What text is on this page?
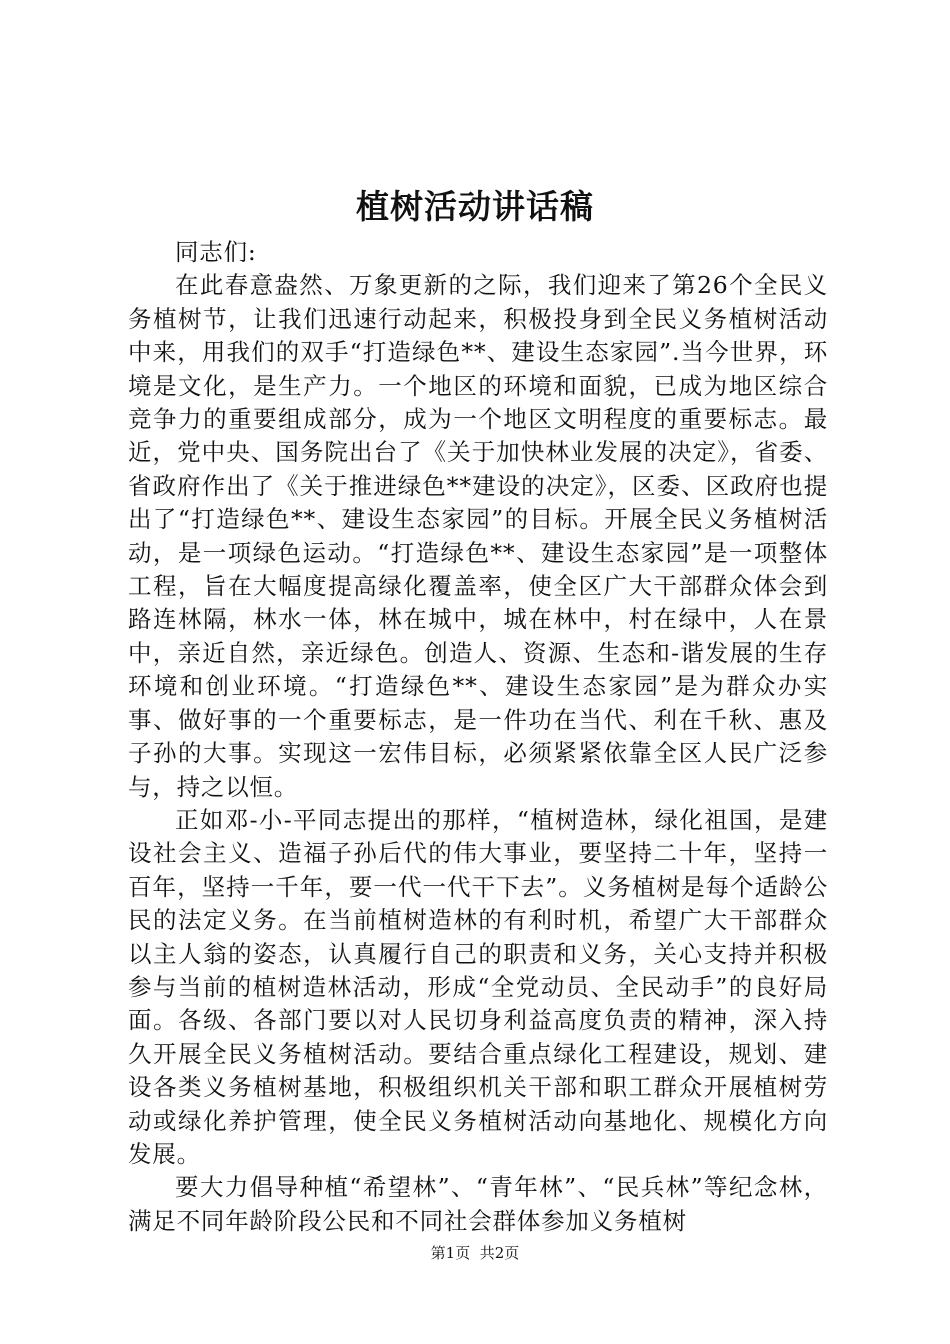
植树活动讲话稿

同志们:

在此春意盎然、万象更新的之际，我们迎来了第26个全民义务植树节，让我们迅速行动起来，积极投身到全民义务植树活动中来，用我们的双手“打造绿色**、建设生态家园”.当今世界，环境是文化，是生产力。一个地区的环境和面貌，已成为地区综合竞争力的重要组成部分，成为一个地区文明程度的重要标志。最近，党中央、国务院出台了《关于加快林业发展的决定》，省委、省政府作出了《关于推进绿色**建设的决定》，区委、区政府也提出了“打造绿色**、建设生态家园”的目标。开展全民义务植树活动，是一项绿色运动。“打造绿色**、建设生态家园”是一项整体工程，旨在大幅度提高绿化覆盖率，使全区广大干部群众体会到路连林隔，林水一体，林在城中，城在林中，村在绿中，人在景中，亲近自然，亲近绿色。创造人、资源、生态和-谐发展的生存环境和创业环境。“打造绿色**、建设生态家园”是为群众办实事、做好事的一个重要标志，是一件功在当代、利在千秋、惠及子孙的大事。实现这一宏伟目标，必须紧紧依靠全区人民广泛参与，持之以恒。

正如邓-小-平同志提出的那样，“植树造林，绿化祖国，是建设社会主义、造福子孙后代的伟大事业，要坚持二十年，坚持一百年，坚持一千年，要一代一代干下去”。义务植树是每个适龄公民的法定义务。在当前植树造林的有利时机，希望广大干部群众以主人翁的姿态，认真履行自己的职责和义务，关心支持并积极参与当前的植树造林活动，形成“全党动员、全民动手”的良好局面。各级、各部门要以对人民切身利益高度负责的精神，深入持久开展全民义务植树活动。要结合重点绿化工程建设，规划、建设各类义务植树基地，积极组织机关干部和职工群众开展植树劳动或绿化养护管理，使全民义务植树活动向基地化、规模化方向发展。

要大力倡导种植“希望林”、“青年林”、“民兵林”等纪念林，满足不同年龄阶段公民和不同社会群体参加义务植树

第1页 共2页
